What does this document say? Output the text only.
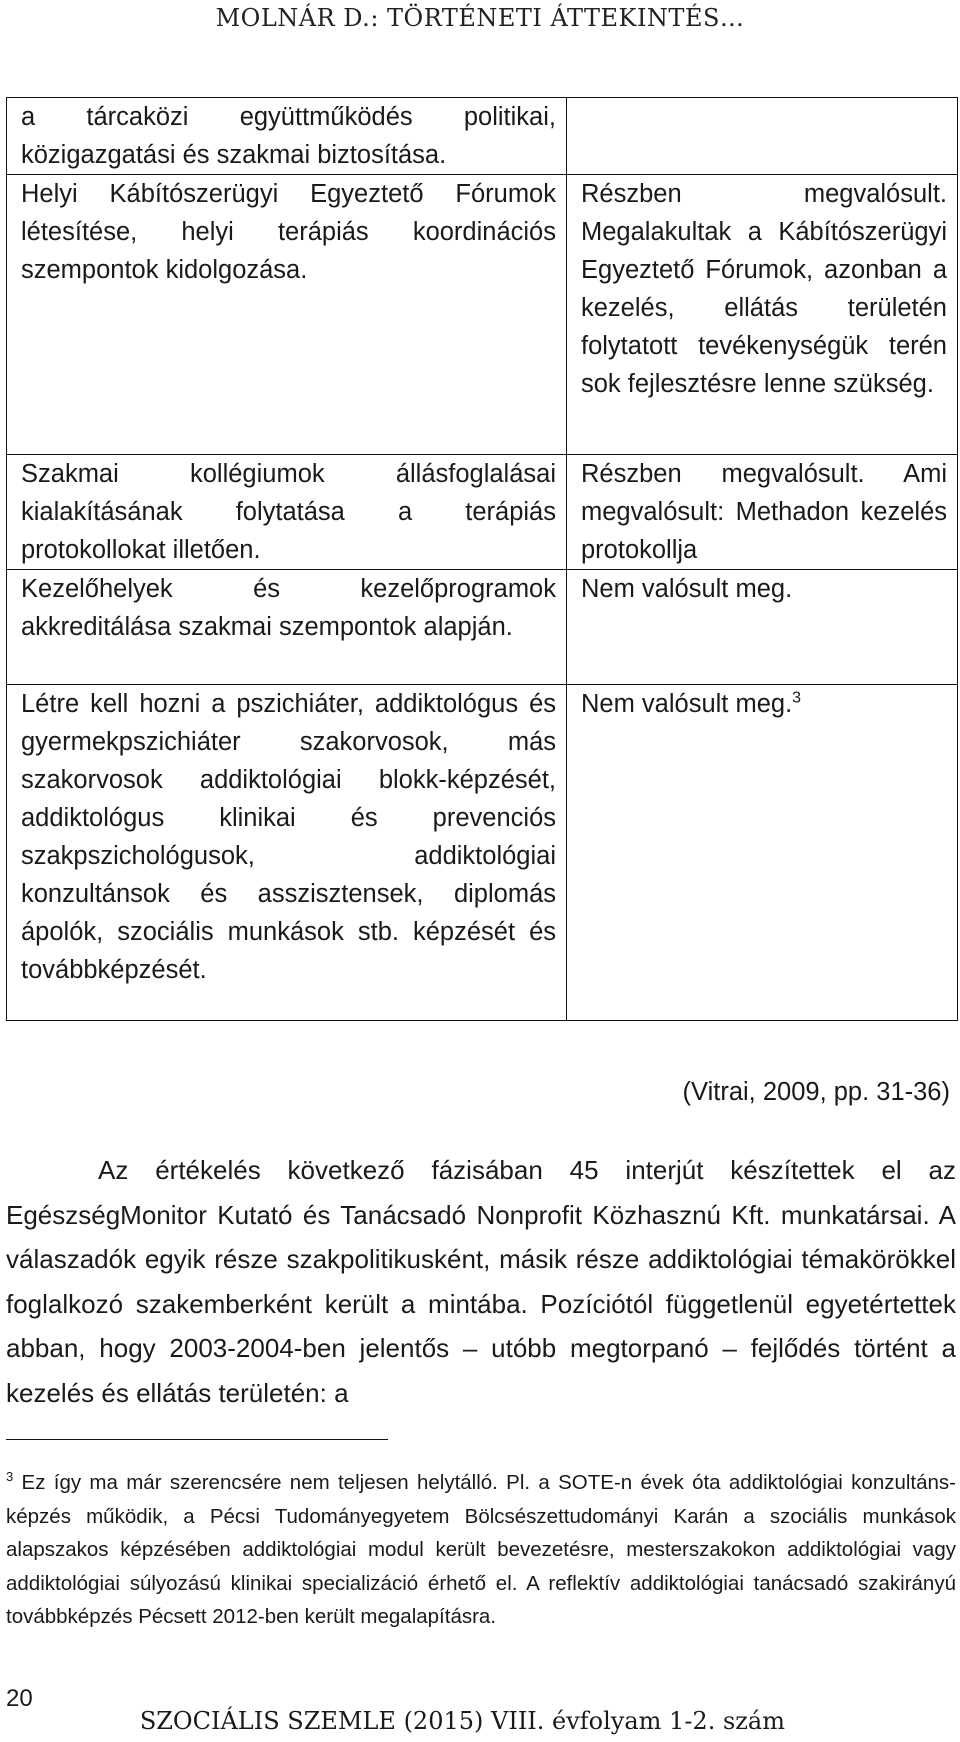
MOLNÁR D.: TÖRTÉNETI ÁTTEKINTÉS…
a tárcaközi együttműködés politikai, közigazgatási és szakmai biztosítása.	

Helyi Kábítószerügyi Egyeztető Fórumok létesítése, helyi terápiás koordinációs szempontok kidolgozása.	Részben megvalósult. Megalakultak a Kábítószerügyi Egyeztető Fórumok, azonban a kezelés, ellátás területén folytatott tevékenységük terén sok fejlesztésre lenne szükség.

Szakmai kollégiumok állásfoglalásai kialakításának folytatása a terápiás protokollokat illetően.	Részben megvalósult. Ami megvalósult: Methadon kezelés protokollja

Kezelőhelyek és kezelőprogramok akkreditálása szakmai szempontok alapján.	Nem valósult meg.

Létre kell hozni a pszichiáter, addiktológus és gyermekpszichiáter szakorvosok, más szakorvosok addiktológiai blokk-képzését, addiktológus klinikai és prevenciós szakpszichológusok, addiktológiai konzultánsok és asszisztensek, diplomás ápolók, szociális munkások stb. képzését és továbbképzését.	Nem valósult meg.$^3$
(Vitrai, 2009, pp. 31-36)

Az értékelés következő fázisában 45 interjút készítettek el az EgészségMonitor Kutató és Tanácsadó Nonprofit Közhasznú Kft. munkatársai. A válaszadók egyik része szakpolitikusként, másik része addiktológiai témakörökkel foglalkozó szakemberként került a mintába. Pozíciótól függetlenül egyetértettek abban, hogy 2003-2004-ben jelentős – utóbb megtorpanó – fejlődés történt a kezelés és ellátás területén: a

$^3$ Ez így ma már szerencsére nem teljesen helytálló. Pl. a SOTE-n évek óta addiktológiai konzultáns-képzés működik, a Pécsi Tudományegyetem Bölcsészettudományi Karán a szociális munkások alapszakos képzésében addiktológiai modul került bevezetésre, mesterszakokon addiktológiai vagy addiktológiai súlyozású klinikai specializáció érhető el. A reflektív addiktológiai tanácsadó szakirányú továbbképzés Pécsett 2012-ben került megalapításra.

20
SZOCIÁLIS SZEMLE (2015) VIII. évfolyam 1-2. szám
